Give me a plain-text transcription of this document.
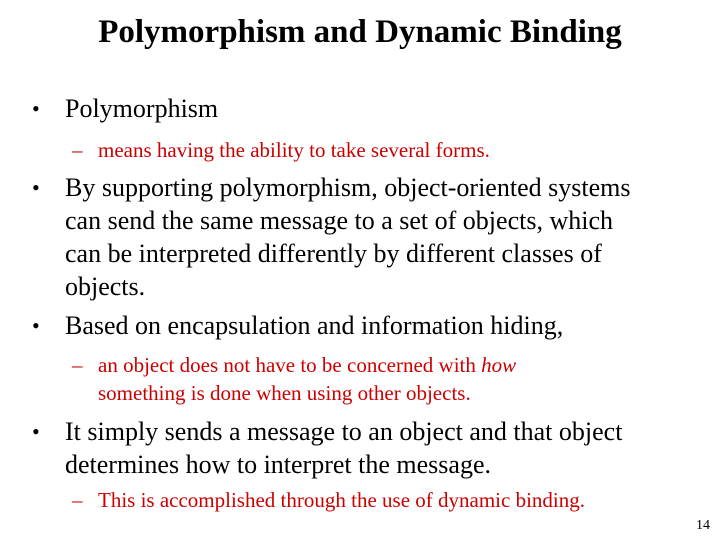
Polymorphism and Dynamic Binding
• Polymorphism
– means having the ability to take several forms.
• By supporting polymorphism, object-oriented systems
can send the same message to a set of objects, which
can be interpreted differently by different classes of
objects.
• Based on encapsulation and information hiding,
– an object does not have to be concerned with how
something is done when using other objects.
• It simply sends a message to an object and that object
determines how to interpret the message.
– This is accomplished through the use of dynamic binding.
14
